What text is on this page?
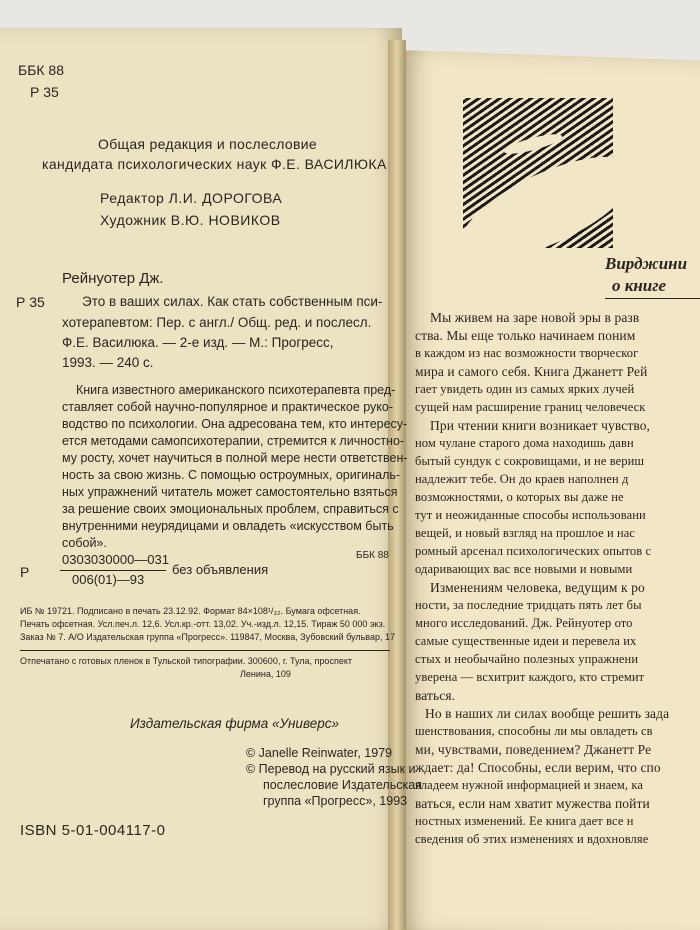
ББК 88
Р 35
Общая редакция и послесловие
кандидата психологических наук Ф.Е. ВАСИЛЮКА
Редактор Л.И. ДОРОГОВА
Художник В.Ю. НОВИКОВ
Рейнуотер Дж.
Р 35	Это в ваших силах. Как стать собственным пси-
хотерапевтом: Пер. с англ./ Общ. ред. и послесл.
Ф.Е. Василюка. — 2-е изд. — М.: Прогресс,
1993. — 240 с.
Книга известного американского психотерапевта пред-
ставляет собой научно-популярное и практическое руко-
водство по психологии. Она адресована тем, кто интересу-
ется методами самопсихотерапии, стремится к личностно-
му росту, хочет научиться в полной мере нести ответствен-
ность за свою жизнь. С помощью остроумных, оригиналь-
ных упражнений читатель может самостоятельно взяться
за решение своих эмоциональных проблем, справиться с
внутренними неурядицами и овладеть «искусством быть
собой».
Р
0303030000—031
006(01)—93
без объявления
ББК 88
ИБ № 19721. Подписано в печать 23.12.92. Формат 84×108¹/₃₂. Бумага офсетная.
Печать офсетная. Усл.печ.л. 12,6. Усл.кр.-отт. 13,02. Уч.-изд.л. 12,15. Тираж 50 000 экз.
Заказ № 7. А/О Издательская группа «Прогресс». 119847, Москва, Зубовский бульвар, 17
Отпечатано с готовых пленок в Тульской типографии. 300600, г. Тула, проспект
Ленина, 109
Издательская фирма «Универс»
© Janelle Reinwater, 1979
© Перевод на русский язык и
послесловие Издательская
группа «Прогресс», 1993
ISBN 5-01-004117-0
Вирджини
о книге
Мы живем на заре новой эры в разв
ства. Мы еще только начинаем поним
в каждом из нас возможности творческог
мира и самого себя. Книга Джанетт Рей
гает увидеть один из самых ярких лучей
сущей нам расширение границ человеческ
При чтении книги возникает чувство,
ном чулане старого дома находишь давн
бытый сундук с сокровищами, и не вериш
надлежит тебе. Он до краев наполнен д
возможностями, о которых вы даже не
тут и неожиданные способы использовани
вещей, и новый взгляд на прошлое и нас
ромный арсенал психологических опытов с
одаривающих вас все новыми и новыми
Изменениям человека, ведущим к ро
ности, за последние тридцать пять лет бы
много исследований. Дж. Рейнуотер ото
самые существенные идеи и перевела их
стых и необычайно полезных упражнени
уверена — всхитрит каждого, кто стремит
ваться.
Но в наших ли силах вообще решить зада
шенствования, способны ли мы овладеть св
ми, чувствами, поведением? Джанетт Ре
ждает: да! Способны, если верим, что спо
владеем нужной информацией и знаем, ка
ваться, если нам хватит мужества пойти
ностных изменений. Ее книга дает все н
сведения об этих изменениях и вдохновляе
